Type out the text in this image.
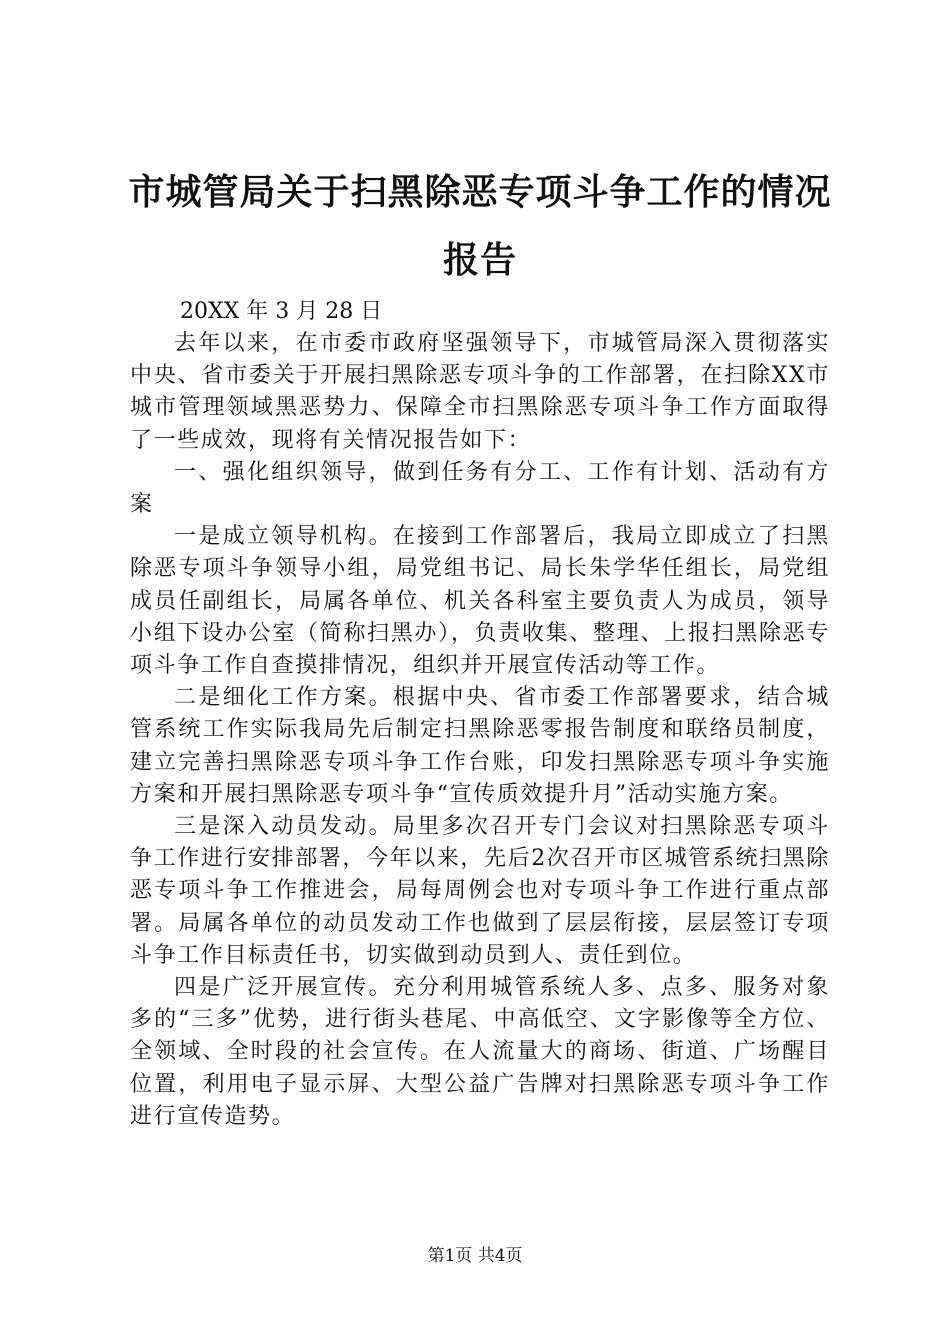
市城管局关于扫黑除恶专项斗争工作的情况报告
20XX 年 3 月 28 日

去年以来，在市委市政府坚强领导下，市城管局深入贯彻落实中央、省市委关于开展扫黑除恶专项斗争的工作部署，在扫除XX市城市管理领域黑恶势力、保障全市扫黑除恶专项斗争工作方面取得了一些成效，现将有关情况报告如下：

一、强化组织领导，做到任务有分工、工作有计划、活动有方案

一是成立领导机构。在接到工作部署后，我局立即成立了扫黑除恶专项斗争领导小组，局党组书记、局长朱学华任组长，局党组成员任副组长，局属各单位、机关各科室主要负责人为成员，领导小组下设办公室（简称扫黑办），负责收集、整理、上报扫黑除恶专项斗争工作自查摸排情况，组织并开展宣传活动等工作。

二是细化工作方案。根据中央、省市委工作部署要求，结合城管系统工作实际我局先后制定扫黑除恶零报告制度和联络员制度，建立完善扫黑除恶专项斗争工作台账，印发扫黑除恶专项斗争实施方案和开展扫黑除恶专项斗争“宣传质效提升月”活动实施方案。

三是深入动员发动。局里多次召开专门会议对扫黑除恶专项斗争工作进行安排部署，今年以来，先后2次召开市区城管系统扫黑除恶专项斗争工作推进会，局每周例会也对专项斗争工作进行重点部署。局属各单位的动员发动工作也做到了层层衔接，层层签订专项斗争工作目标责任书，切实做到动员到人、责任到位。

四是广泛开展宣传。充分利用城管系统人多、点多、服务对象多的“三多”优势，进行街头巷尾、中高低空、文字影像等全方位、全领域、全时段的社会宣传。在人流量大的商场、街道、广场醒目位置，利用电子显示屏、大型公益广告牌对扫黑除恶专项斗争工作进行宣传造势。

第1页 共4页
